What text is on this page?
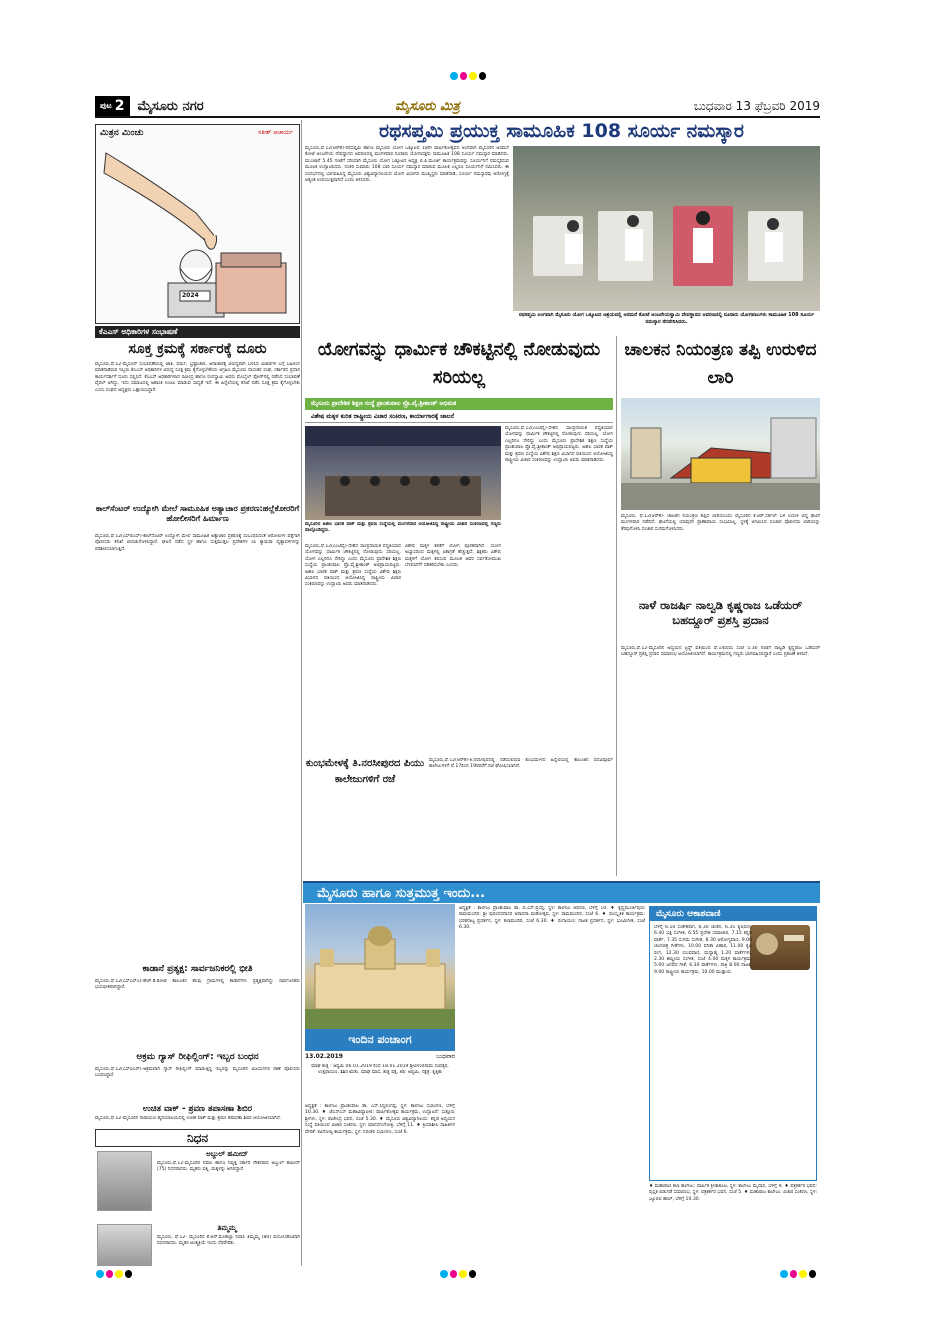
ಪುಟ 2 ಮೈಸೂರು ನಗರ	ಮೈಸೂರು ಮಿತ್ರ	ಬುಧವಾರ 13 ಫೆಬ್ರವರಿ 2019
ಮಿತ್ರನ ಮಿಂಚು	ಸತೀಶ್ ಆಚಾರ್ಯ
2024
ಕೆಎಎಸ್ ಅಧಿಕಾರಿಗಳ ಸಂಭಾಷಣೆ
ಸೂಕ್ತ ಕ್ರಮಕ್ಕೆ ಸರ್ಕಾರಕ್ಕೆ ದೂರು
ಮೈಸೂರು,ಫೆ.12-ಮೈಸೂರ್ ಸಂಭಾಷಣೆಯಲ್ಲಿ ಜಾತಿ, ಧರ್ಮ, ಭ್ರಷ್ಟಾಚಾರ, ಅನಾಚಾರಕ್ಕೆ ವಿರುದ್ಧವಾಗಿ ಬಳಸಿದ ವಿಚಾರಗಳ ಬಗ್ಗೆ ಬಹಿರಂಗ ಮಾತನಾಡಿರುವ ಇಬ್ಬರು ಕೆಎಎಸ್ ಅಧಿಕಾರಿಗಳ ವಿರುದ್ಧ ಸೂಕ್ತ ಕ್ರಮ ಕೈಗೊಳ್ಳಬೇಕೆಂದು ಆಗ್ರಹಿಸಿ ಮೈಸೂರು ನಾಯಕರ ಸಂಘ, ಸರ್ಕಾರದ ಪ್ರಧಾನ ಕಾರ್ಯದರ್ಶಿಗೆ ದೂರು ಸಲ್ಲಿಸಿದೆ. ಕೆಎಎಸ್ ಅಧಿಕಾರಿಗಳಾದ ರವೀಂದ್ರ ಹಾಗೂ ರಂಗಸ್ವಾಮಿ ಅವರು ಮೊಬೈಲ್ ಫೋನ್‌ನಲ್ಲಿ ನಡೆಸಿದ ಸಂಭಾಷಣೆ ವೈರಲ್ ಆಗಿದ್ದು, ಇದು ಸಮಾಜದಲ್ಲಿ ಅಶಾಂತಿ ಉಂಟು ಮಾಡುವ ಸಾಧ್ಯತೆ ಇದೆ. ಈ ಹಿನ್ನೆಲೆಯಲ್ಲಿ ತನಿಖೆ ನಡೆಸಿ ಸೂಕ್ತ ಕ್ರಮ ಕೈಗೊಳ್ಳಬೇಕು ಎಂದು ಸಂಘದ ಅಧ್ಯಕ್ಷರು ಒತ್ತಾಯಿಸಿದ್ದಾರೆ.
ಕಾಲ್‌ಸೆಂಟರ್ ಉದ್ಯೋಗಿ ಮೇಲೆ ಸಾಮೂಹಿಕ ಅತ್ಯಾಚಾರ ಪ್ರಕರಣ:ಹಲ್ಲೆಕೋರರಿಗೆ ಹೋಲೀಸರಿಗೆ ಹಿರ್ಮಾಣ
ಮೈಸೂರು,ಫೆ.12(ಎಸ್‌ಬಿಎಸ್)-ಕಾಲ್‌ಸೆಂಟರ್ ಉದ್ಯೋಗಿ ಮೇಲೆ ಸಾಮೂಹಿಕ ಅತ್ಯಾಚಾರ ಪ್ರಕರಣಕ್ಕೆ ಸಂಬಂಧಿಸಿದಂತೆ ಆರೋಪಿಗಳ ಪತ್ತೆಗಾಗಿ ಪೊಲೀಸರು ತನಿಖೆ ಚುರುಕುಗೊಳಿಸಿದ್ದಾರೆ. ಘಟನೆ ನಡೆದ ಸ್ಥಳ ಹಾಗೂ ಸುತ್ತಮುತ್ತಲ ಪ್ರದೇಶಗಳ ಸಿಸಿ ಕ್ಯಾಮರಾ ದೃಶ್ಯಾವಳಿಗಳನ್ನು ಪರಿಶೀಲಿಸಲಾಗುತ್ತಿದೆ.
ಕಾಡಾನೆ ಪ್ರತ್ಯಕ್ಷ: ಸಾರ್ವಜನಿಕರಲ್ಲಿ ಭೀತಿ
ಮೈಸೂರು,ಫೆ.12(ಎಸ್‌ಎಸ್‌ಎ)-ಹೆಚ್.ಡಿ.ಕೋಟೆ ತಾಲೂಕಿನ ಕೆಲವು ಗ್ರಾಮಗಳಲ್ಲಿ ಕಾಡಾನೆಗಳು ಪ್ರತ್ಯಕ್ಷವಾಗಿದ್ದು ಸಾರ್ವಜನಿಕರು ಭಯಭೀತರಾಗಿದ್ದಾರೆ.
ಅಕ್ರಮ ಗ್ಯಾಸ್ ರೀಫಿಲ್ಲಿಂಗ್: ಇಬ್ಬರ ಬಂಧನ
ಮೈಸೂರು,ಫೆ.12(ಎಸ್‌ಪಿಎನ್)-ಅಕ್ರಮವಾಗಿ ಗ್ಯಾಸ್ ರೀಫಿಲ್ಲಿಂಗ್ ಮಾಡುತ್ತಿದ್ದ ಇಬ್ಬರನ್ನು ಮೈಸೂರಿನ ವಿಜಯನಗರ ಠಾಣೆ ಪೊಲೀಸರು ಬಂಧಿಸಿದ್ದಾರೆ.
ಉಚಿತ ವಾಕ್ - ಶ್ರವಣ ತಪಾಸಣಾ ಶಿಬಿರ
ಮೈಸೂರು,ಫೆ.12-ಮೈಸೂರಿನ ನಾರಾಯಣ ಹೃದಯಾಲಯದಲ್ಲಿ ಉಚಿತ ವಾಕ್ ಮತ್ತು ಶ್ರವಣ ತಪಾಸಣಾ ಶಿಬಿರ ಆಯೋಜಿಸಲಾಗಿದೆ.
ನಿಧನ
ಅಬ್ದುಲ್ ಹಮೀದ್
ಮೈಸೂರು,ಫೆ.12-ಮೈಸೂರಿನ ನಿವಾಸಿ ಹಾಗೂ ನಿವೃತ್ತ ಸರ್ಕಾರಿ ನೌಕರರಾದ ಅಬ್ದುಲ್ ಹಮೀದ್ (75) ನಿಧನರಾದರು. ಮೃತರು ಪತ್ನಿ, ಮಕ್ಕಳನ್ನು ಅಗಲಿದ್ದಾರೆ.
ತಿಮ್ಮಮ್ಮ
ಮೈಸೂರು, ಫೆ.12- ಮೈಸೂರಿನ ಕೆ.ಆರ್.ಮೊಹಲ್ಲಾ ನಿವಾಸಿ ತಿಮ್ಮಮ್ಮ (80) ವಯೋಸಹಜವಾಗಿ ನಿಧನರಾದರು. ಮೃತರ ಅಂತ್ಯಕ್ರಿಯೆ ಇಂದು ನೆರವೇರಿತು.
ರಥಸಪ್ತಮಿ ಪ್ರಯುಕ್ತ ಸಾಮೂಹಿಕ 108 ಸೂರ್ಯ ನಮಸ್ಕಾರ
ಮೈಸೂರು,ಫೆ.12(ಆರ್‌ಕೆ)-ರಥಸಪ್ತಮಿ ಹಾಗೂ ಮೈಸೂರು ಯೋಗ ಒಕ್ಕೂಟದ 18ನೇ ವಾರ್ಷಿಕೋತ್ಸವದ ಅಂಗವಾಗಿ ಮೈಸೂರಿನ ಅರಮನೆ ಕೋಟೆ ಆಂಜನೇಯ ದೇವಸ್ಥಾನದ ಆವರಣದಲ್ಲಿ ಮಂಗಳವಾರ ನೂರಾರು ಯೋಗಾಸಕ್ತರು ಸಾಮೂಹಿಕ 108 ಸೂರ್ಯ ನಮಸ್ಕಾರ ಮಾಡಿದರು. ಮುಂಜಾನೆ 5.45 ಗಂಟೆಗೆ ಸರಿಯಾಗಿ ಮೈಸೂರು ಯೋಗ ಒಕ್ಕೂಟದ ಅಧ್ಯಕ್ಷ ಬಿ.ಪಿ.ಮೂರ್ತಿ ಕಾರ್ಯಕ್ರಮವನ್ನು ಸೂರ್ಯನಿಗೆ ನಮಸ್ಕರಿಸುವ ಮೂಲಕ ಉದ್ಘಾಟಿಸಿದರು. ನಂತರ ಸುಮಾರು 108 ಬಾರಿ ಸೂರ್ಯ ನಮಸ್ಕಾರ ಮಾಡುವ ಮೂಲಕ ಎಲ್ಲರೂ ಸೂರ್ಯನಿಗೆ ನಮಿಸಿದರು. ಈ ಸಂದರ್ಭದಲ್ಲಿ ಭಾಗವಹಿಸಿದ್ದ ಮೈಸೂರು ವಿಶ್ವವಿದ್ಯಾನಿಲಯದ ಯೋಗ ವಿಭಾಗದ ಮುಖ್ಯಸ್ಥರು ಮಾತನಾಡಿ, ಸೂರ್ಯ ನಮಸ್ಕಾರವು ಆರೋಗ್ಯಕ್ಕೆ ಅತ್ಯಂತ ಉಪಯುಕ್ತವಾಗಿದೆ ಎಂದು ತಿಳಿಸಿದರು.
ರಥಸಪ್ತಮಿ ಅಂಗವಾಗಿ ಮೈಸೂರು ಯೋಗ ಒಕ್ಕೂಟದ ಆಶ್ರಯದಲ್ಲಿ ಅರಮನೆ ಕೋಟೆ ಆಂಜನೇಯಸ್ವಾಮಿ ದೇವಸ್ಥಾನದ ಆವರಣದಲ್ಲಿ ನೂರಾರು ಯೋಗಪಟುಗಳು ಸಾಮೂಹಿಕ 108 ಸೂರ್ಯ ನಮಸ್ಕಾರ ನೆರವೇರಿಸಿದರು.
ಯೋಗವನ್ನು ಧಾರ್ಮಿಕ ಚೌಕಟ್ಟಿನಲ್ಲಿ ನೋಡುವುದು ಸರಿಯಲ್ಲ
ಮೈಸೂರು ಪ್ರಾದೇಶಿಕ ಶಿಕ್ಷಣ ಸಂಸ್ಥೆ ಪ್ರಾಂಶುಪಾಲ ಪ್ರೊ.ವೈ.ಶ್ರೀಕಾಂತ್ ಅಭಿಮತ
ವಿಶೇಷ ಮಕ್ಕಳ ಕುರಿತ ರಾಷ್ಟ್ರೀಯ ವಿಚಾರ ಸಂಕಿರಣ, ಕಾರ್ಯಾಗಾರಕ್ಕೆ ಚಾಲನೆ
ಮೈಸೂರಿನ ಅಖಿಲ ಭಾರತ ವಾಕ್ ಮತ್ತು ಶ್ರವಣ ಸಂಸ್ಥೆಯಲ್ಲಿ ಮಂಗಳವಾರ ಆಯೋಜಿಸಿದ್ದ ರಾಷ್ಟ್ರೀಯ ವಿಚಾರ ಸಂಕಿರಣದಲ್ಲಿ ಗಣ್ಯರು ಪಾಲ್ಗೊಂಡಿದ್ದರು.
ಮೈಸೂರು,ಫೆ.12(ಎಂಟಿವೈ)-ದೇಶದ ಸಾಂಪ್ರದಾಯಿಕ ಪದ್ಧತಿಯಾದ ಯೋಗವನ್ನು ಧಾರ್ಮಿಕ ಚೌಕಟ್ಟಿನಲ್ಲಿ ನೋಡುವುದು ಸರಿಯಲ್ಲ. ಯೋಗ ಎಲ್ಲರಿಗೂ ಸೇರಿದ್ದು ಎಂದು ಮೈಸೂರು ಪ್ರಾದೇಶಿಕ ಶಿಕ್ಷಣ ಸಂಸ್ಥೆಯ ಪ್ರಾಂಶುಪಾಲ ಪ್ರೊ.ವೈ.ಶ್ರೀಕಾಂತ್ ಅಭಿಪ್ರಾಯಪಟ್ಟರು. ಅಖಿಲ ಭಾರತ ವಾಕ್ ಮತ್ತು ಶ್ರವಣ ಸಂಸ್ಥೆಯ ವಿಶೇಷ ಶಿಕ್ಷಣ ವಿಭಾಗದ ವತಿಯಿಂದ ಆಯೋಜಿಸಿದ್ದ ರಾಷ್ಟ್ರೀಯ ವಿಚಾರ ಸಂಕಿರಣವನ್ನು ಉದ್ಘಾಟಿಸಿ ಅವರು ಮಾತನಾಡಿದರು.
ವಿಶೇಷ ಮಕ್ಕಳ ಕಲಿಕೆಗೆ ಯೋಗ ಪೂರಕವಾಗಿದೆ. ಯೋಗ ಅಭ್ಯಾಸದಿಂದ ಮಕ್ಕಳಲ್ಲಿ ಏಕಾಗ್ರತೆ ಹೆಚ್ಚುತ್ತದೆ. ಶಿಕ್ಷಕರು ವಿಶೇಷ ಮಕ್ಕಳಿಗೆ ಯೋಗ ಕಲಿಸುವ ಮೂಲಕ ಅವರ ಸರ್ವತೋಮುಖ ಬೆಳವಣಿಗೆಗೆ ಸಹಕರಿಸಬೇಕು ಎಂದರು.
ಮೈಸೂರು,ಫೆ.12(ಎಂಟಿವೈ)-ದೇಶದ ಸಾಂಪ್ರದಾಯಿಕ ಪದ್ಧತಿಯಾದ ಯೋಗವನ್ನು ಧಾರ್ಮಿಕ ಚೌಕಟ್ಟಿನಲ್ಲಿ ನೋಡುವುದು ಸರಿಯಲ್ಲ. ಯೋಗ ಎಲ್ಲರಿಗೂ ಸೇರಿದ್ದು ಎಂದು ಮೈಸೂರು ಪ್ರಾದೇಶಿಕ ಶಿಕ್ಷಣ ಸಂಸ್ಥೆಯ ಪ್ರಾಂಶುಪಾಲ ಪ್ರೊ.ವೈ.ಶ್ರೀಕಾಂತ್ ಅಭಿಪ್ರಾಯಪಟ್ಟರು. ಅಖಿಲ ಭಾರತ ವಾಕ್ ಮತ್ತು ಶ್ರವಣ ಸಂಸ್ಥೆಯ ವಿಶೇಷ ಶಿಕ್ಷಣ ವಿಭಾಗದ ವತಿಯಿಂದ ಆಯೋಜಿಸಿದ್ದ ರಾಷ್ಟ್ರೀಯ ವಿಚಾರ ಸಂಕಿರಣವನ್ನು ಉದ್ಘಾಟಿಸಿ ಅವರು ಮಾತನಾಡಿದರು.
ಕುಂಭಮೇಳಕ್ಕೆ ತಿ.ನರಸೀಪುರದ ಪಿಯು ಕಾಲೇಜುಗಳಿಗೆ ರಜೆ
ಮೈಸೂರು,ಫೆ.12(ಆರ್‌ಕೆ)-ತಿ.ನರಸೀಪುರದಲ್ಲಿ ನಡೆಯಲಿರುವ ಕುಂಭಮೇಳದ ಹಿನ್ನೆಲೆಯಲ್ಲಿ ತಾಲೂಕಿನ ಪದವಿಪೂರ್ವ ಕಾಲೇಜುಗಳಿಗೆ ಫೆ.17ರಿಂದ 19ರವರೆಗೆ ರಜೆ ಘೋಷಿಸಲಾಗಿದೆ.
ಚಾಲಕನ ನಿಯಂತ್ರಣ ತಪ್ಪಿ ಉರುಳಿದ ಲಾರಿ
ಮೈಸೂರು, ಫೆ.12(ಆರ್‌ಕೆ)- ಚಾಲಕನ ನಿಯಂತ್ರಣ ತಪ್ಪಿದ ಲಾರಿಯೊಂದು ಮೈಸೂರಿನ ಕೆ.ಆರ್.ಸರ್ಕಲ್ ಬಳಿ ಉರುಳಿ ಬಿದ್ದ ಘಟನೆ ಮಂಗಳವಾರ ನಡೆದಿದೆ. ಘಟನೆಯಲ್ಲಿ ಯಾವುದೇ ಪ್ರಾಣಾಪಾಯ ಸಂಭವಿಸಿಲ್ಲ. ಸ್ಥಳಕ್ಕೆ ಆಗಮಿಸಿದ ಸಂಚಾರ ಪೊಲೀಸರು ಲಾರಿಯನ್ನು ತೆರವುಗೊಳಿಸಿ ಸಂಚಾರ ಸುಗಮಗೊಳಿಸಿದರು.
ನಾಳೆ ರಾಜರ್ಷಿ ನಾಲ್ವಡಿ ಕೃಷ್ಣರಾಜ ಒಡೆಯರ್ ಬಹದ್ದೂರ್ ಪ್ರಶಸ್ತಿ ಪ್ರದಾನ
ಮೈಸೂರು,ಫೆ.12-ಮೈಸೂರಿನ ಅಧ್ಯಯನ ಟ್ರಸ್ಟ್ ವತಿಯಿಂದ ಫೆ.14ರಂದು ಸಂಜೆ 5.30 ಗಂಟೆಗೆ ನಾಲ್ವಡಿ ಕೃಷ್ಣರಾಜ ಒಡೆಯರ್ ಬಹದ್ದೂರ್ ಪ್ರಶಸ್ತಿ ಪ್ರದಾನ ಸಮಾರಂಭ ಆಯೋಜಿಸಲಾಗಿದೆ. ಕಾರ್ಯಕ್ರಮದಲ್ಲಿ ಗಣ್ಯರು ಭಾಗವಹಿಸಲಿದ್ದಾರೆ ಎಂದು ಪ್ರಕಟಣೆ ತಿಳಿಸಿದೆ.
ಮೈಸೂರು ಹಾಗೂ ಸುತ್ತಮುತ್ತ ಇಂದು...
ಇಂದಿನ ಪಂಚಾಂಗ
13.02.2019	ಬುಧವಾರ
ಮಾಘ ಶುಕ್ಲ : ಅಷ್ಟಮಿ 06.01.2019 ರಿಂದ 18.01.2019 ಶ್ರೀವಿಳಂಬಿನಾಮ ಸಂವತ್ಸರ, ಉತ್ತರಾಯಣ, ಶಿಶಿರ ಋತು, ಮಾಘ ಮಾಸ, ಶುಕ್ಲ ಪಕ್ಷ, ತಿಥಿ: ಅಷ್ಟಮಿ, ನಕ್ಷತ್ರ: ಕೃತ್ತಿಕಾ
ಅಧ್ಯಕ್ಷತೆ : ಕಾಲೇಜು ಪ್ರಾಂಶುಪಾಲ ಡಾ. ಎಸ್.ಸಿದ್ದಲಿಂಗಪ್ಪ, ಸ್ಥಳ: ಕಾಲೇಜು ಸಭಾಂಗಣ, ಬೆಳಿಗ್ಗೆ 10.30. ♦ ಜೆಎಸ್ಎಸ್ ಮಹಾವಿದ್ಯಾಪೀಠ: ವಾರ್ಷಿಕೋತ್ಸವ ಕಾರ್ಯಕ್ರಮ, ಉದ್ಘಾಟನೆ: ಸುತ್ತೂರು ಶ್ರೀಗಳು, ಸ್ಥಳ: ರಾಜೇಂದ್ರ ಭವನ, ಸಂಜೆ 5.30. ♦ ಮೈಸೂರು ವಿಶ್ವವಿದ್ಯಾನಿಲಯ: ಕನ್ನಡ ಅಧ್ಯಯನ ಸಂಸ್ಥೆ ವತಿಯಿಂದ ವಿಚಾರ ಸಂಕಿರಣ, ಸ್ಥಳ: ಮಾನಸಗಂಗೋತ್ರಿ, ಬೆಳಿಗ್ಗೆ 11. ♦ ಕ್ರಿಯಾಶೀಲ ಸಾಹಿತಿಗಳ ವೇದಿಕೆ: ಕವಿಗೋಷ್ಠಿ ಕಾರ್ಯಕ್ರಮ, ಸ್ಥಳ: ನಿರಂತರ ಸಭಾಂಗಣ, ಸಂಜೆ 6.
ಅಧ್ಯಕ್ಷತೆ : ಕಾಲೇಜು ಪ್ರಾಂಶುಪಾಲ ಡಾ. ಬಿ.ಎಸ್.ಪ್ರಸನ್ನ, ಸ್ಥಳ: ಕಾಲೇಜು ಆವರಣ, ಬೆಳಿಗ್ಗೆ 10. ♦ ಕೃಷ್ಣಮೂರ್ತಿಪುರಂ ರಾಮಮಂದಿರ: ಶ್ರೀ ಪುರಂದರದಾಸರ ಆರಾಧನಾ ಮಹೋತ್ಸವ, ಸ್ಥಳ: ರಾಮಮಂದಿರ, ಸಂಜೆ 6. ♦ ಸಾಂಸ್ಕೃತಿಕ ಕಾರ್ಯಕ್ರಮ: ಭರತನಾಟ್ಯ ಪ್ರದರ್ಶನ, ಸ್ಥಳ: ಕಲಾಮಂದಿರ, ಸಂಜೆ 6.30. ♦ ರಂಗಾಯಣ: ನಾಟಕ ಪ್ರದರ್ಶನ, ಸ್ಥಳ: ಭೂಮಿಗೀತ, ಸಂಜೆ 6.30.
ಮೈಸೂರು ಆಕಾಶವಾಣಿ
ಬೆಳಿಗ್ಗೆ 6.10 ಸಂಕೇತರಾಗ, 6.30 ಚಿಂತನ, 6.35 ಕೃಷಿರಂಗ, 6.40 ಭಕ್ತಿ ಸಂಗೀತ, 6.55 ಪ್ರದೇಶ ಸಮಾಚಾರ, 7.15 ಕನ್ನಡ ವಾರ್ತೆ, 7.35 ಸುಗಮ ಸಂಗೀತ, 8.30 ಆರೋಗ್ಯವಾಣಿ, 9.00 ಚಲನಚಿತ್ರ ಗೀತೆಗಳು, 10.00 ವನಿತಾ ವಿಹಾರ, 11.00 ಕೃಷಿ ರಂಗ, 12.30 ಯುವವಾಣಿ, ಮಧ್ಯಾಹ್ನ 1.20 ವಾರ್ತೆಗಳು, 2.30 ಶಾಸ್ತ್ರೀಯ ಸಂಗೀತ, ಸಂಜೆ 4.00 ಮಕ್ಕಳ ಕಾರ್ಯಕ್ರಮ, 5.00 ಜನಪದ ಗೀತೆ, 6.30 ವಾರ್ತೆಗಳು, ರಾತ್ರಿ 8.00 ನಾಟಕ, 9.00 ರಾಷ್ಟ್ರೀಯ ಕಾರ್ಯಕ್ರಮ, 10.00 ಮುಕ್ತಾಯ.
♦ ಮಹಾರಾಣಿ ಕಲಾ ಕಾಲೇಜು: ವಾರ್ಷಿಕ ಕ್ರೀಡಾಕೂಟ, ಸ್ಥಳ: ಕಾಲೇಜು ಮೈದಾನ, ಬೆಳಿಗ್ಗೆ 9. ♦ ಪತ್ರಕರ್ತರ ಭವನ: ಪುಸ್ತಕ ಬಿಡುಗಡೆ ಸಮಾರಂಭ, ಸ್ಥಳ: ಪತ್ರಕರ್ತರ ಭವನ, ಸಂಜೆ 5. ♦ ಮಹಾರಾಜ ಕಾಲೇಜು: ವಿಚಾರ ಸಂಕಿರಣ, ಸ್ಥಳ: ಜ್ಯೂಬಿಲಿ ಹಾಲ್, ಬೆಳಿಗ್ಗೆ 10.30.
